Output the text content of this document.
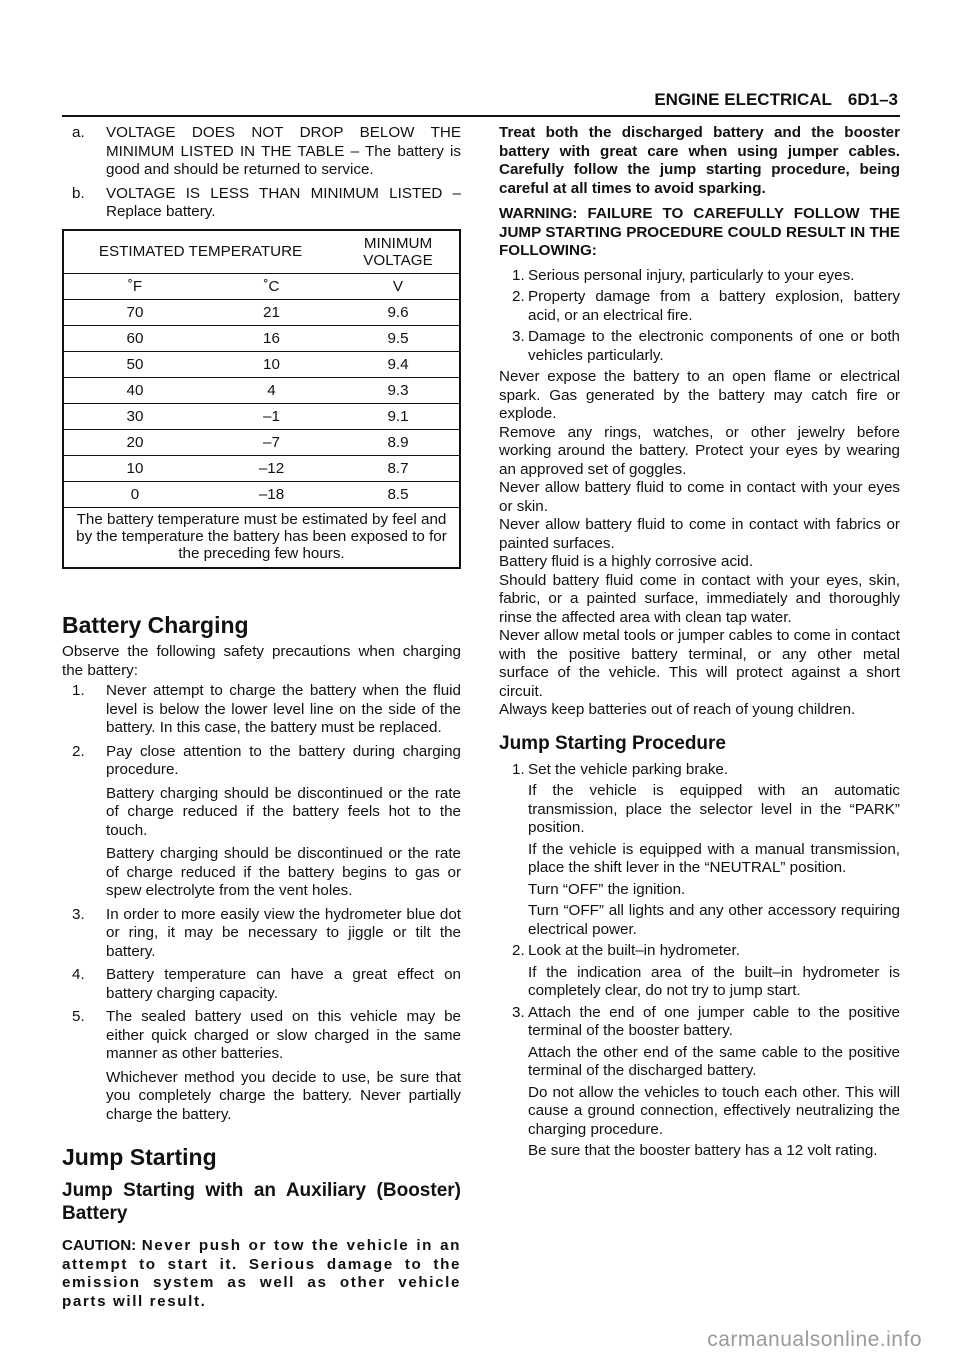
ENGINE ELECTRICAL 6D1–3
a.	VOLTAGE DOES NOT DROP BELOW THE MINIMUM LISTED IN THE TABLE – The battery is good and should be returned to service.
b.	VOLTAGE IS LESS THAN MINIMUM LISTED – Replace battery.
ESTIMATED TEMPERATURE		MINIMUM VOLTAGE
˚F	˚C	V
70	21	9.6
60	16	9.5
50	10	9.4
40	4	9.3
30	–1	9.1
20	–7	8.9
10	–12	8.7
0	–18	8.5
The battery temperature must be estimated by feel and by the temperature the battery has been exposed to for the preceding few hours.		
Battery Charging
Observe the following safety precautions when charging the battery:
1.	Never attempt to charge the battery when the fluid level is below the lower level line on the side of the battery. In this case, the battery must be replaced.
2.	Pay close attention to the battery during charging procedure.
Battery charging should be discontinued or the rate of charge reduced if the battery feels hot to the touch.
Battery charging should be discontinued or the rate of charge reduced if the battery begins to gas or spew electrolyte from the vent holes.
3.	In order to more easily view the hydrometer blue dot or ring, it may be necessary to jiggle or tilt the battery.
4.	Battery temperature can have a great effect on battery charging capacity.
5.	The sealed battery used on this vehicle may be either quick charged or slow charged in the same manner as other batteries.
Whichever method you decide to use, be sure that you completely charge the battery. Never partially charge the battery.
Jump Starting
Jump Starting with an Auxiliary (Booster) Battery
CAUTION: Never push or tow the vehicle in an attempt to start it. Serious damage to the emission system as well as other vehicle parts will result.
Treat both the discharged battery and the booster battery with great care when using jumper cables. Carefully follow the jump starting procedure, being careful at all times to avoid sparking.
WARNING: FAILURE TO CAREFULLY FOLLOW THE JUMP STARTING PROCEDURE COULD RESULT IN THE FOLLOWING:
1. Serious personal injury, particularly to your eyes.
2. Property damage from a battery explosion, battery acid, or an electrical fire.
3. Damage to the electronic components of one or both vehicles particularly.
Never expose the battery to an open flame or electrical spark. Gas generated by the battery may catch fire or explode.
Remove any rings, watches, or other jewelry before working around the battery. Protect your eyes by wearing an approved set of goggles.
Never allow battery fluid to come in contact with your eyes or skin.
Never allow battery fluid to come in contact with fabrics or painted surfaces.
Battery fluid is a highly corrosive acid.
Should battery fluid come in contact with your eyes, skin, fabric, or a painted surface, immediately and thoroughly rinse the affected area with clean tap water.
Never allow metal tools or jumper cables to come in contact with the positive battery terminal, or any other metal surface of the vehicle. This will protect against a short circuit.
Always keep batteries out of reach of young children.
Jump Starting Procedure
1. Set the vehicle parking brake.
If the vehicle is equipped with an automatic transmission, place the selector level in the “PARK” position.
If the vehicle is equipped with a manual transmission, place the shift lever in the “NEUTRAL” position.
Turn “OFF” the ignition.
Turn “OFF” all lights and any other accessory requiring electrical power.
2. Look at the built–in hydrometer.
If the indication area of the built–in hydrometer is completely clear, do not try to jump start.
3. Attach the end of one jumper cable to the positive terminal of the booster battery.
Attach the other end of the same cable to the positive terminal of the discharged battery.
Do not allow the vehicles to touch each other. This will cause a ground connection, effectively neutralizing the charging procedure.
Be sure that the booster battery has a 12 volt rating.
carmanualsonline.info
